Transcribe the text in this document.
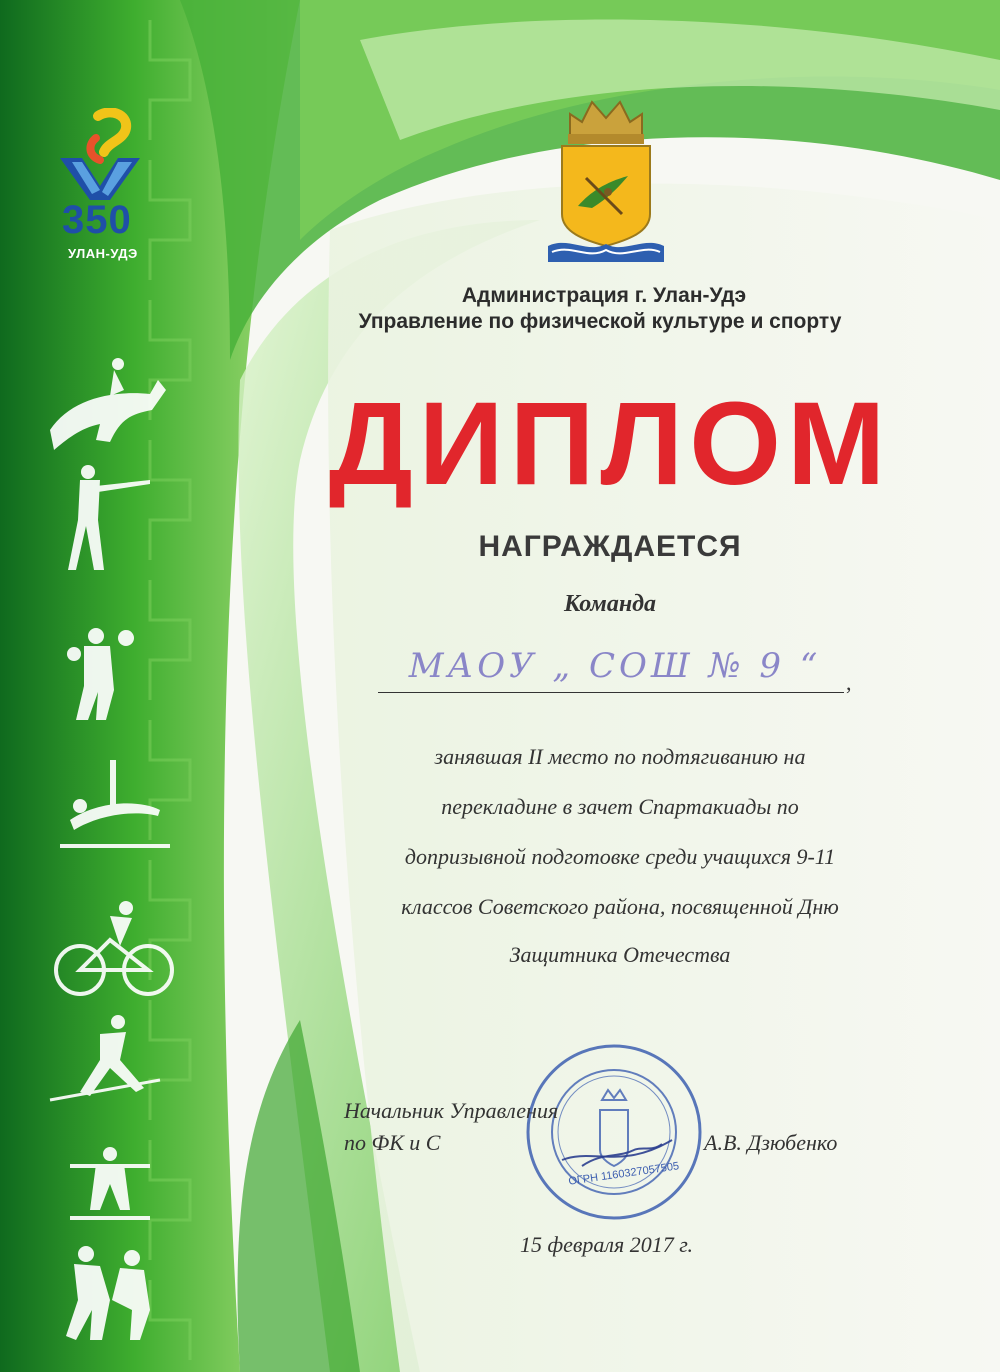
350
УЛАН-УДЭ
Администрация г. Улан-Удэ
Управление по физической культуре и спорту
ДИПЛОМ
НАГРАЖДАЕТСЯ
Команда
МАОУ „ СОШ № 9 “	,
занявшая II место по подтягиванию на
перекладине в зачет Спартакиады по
допризывной подготовке среди учащихся 9-11
классов Советского района, посвященной Дню
Защитника Отечества
ОГРН 1160327057505
Начальник Управления
по ФК и С	А.В. Дзюбенко
15 февраля 2017 г.
